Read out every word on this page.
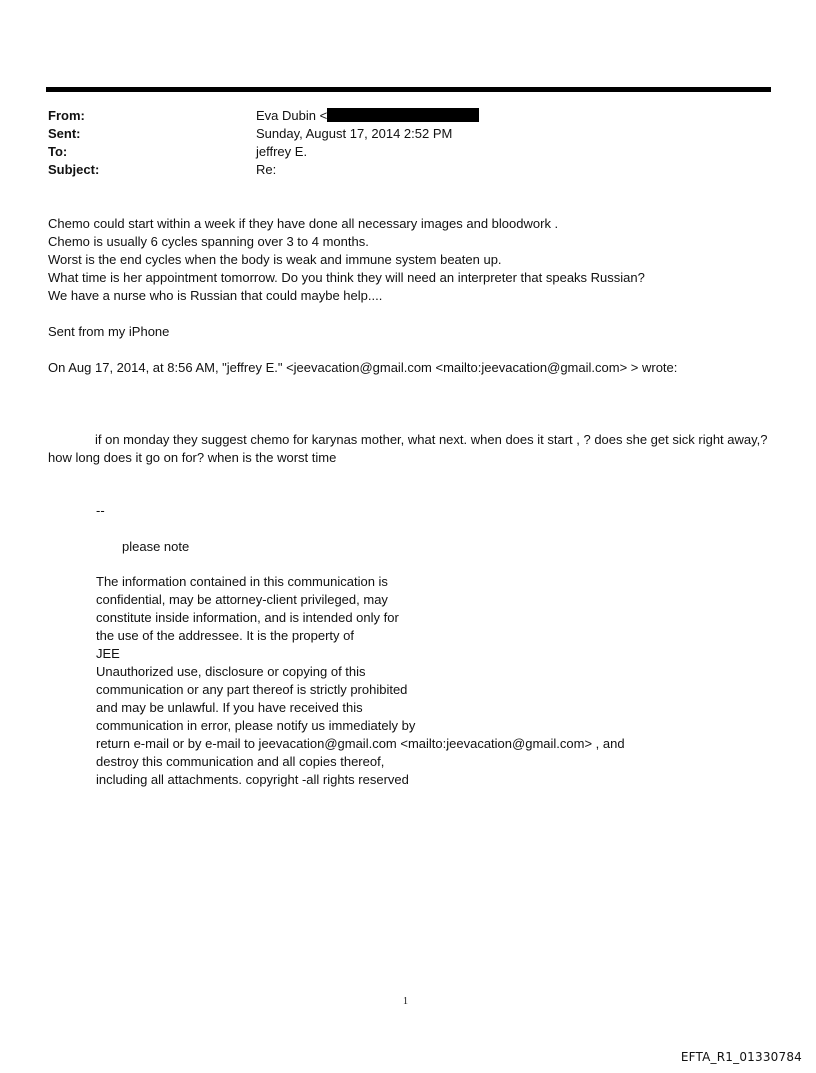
From:	Eva Dubin <
Sent:	Sunday, August 17, 2014 2:52 PM
To:	jeffrey E.
Subject:	Re:
Chemo could start within a week if they have done all necessary images and bloodwork .
Chemo is usually 6 cycles spanning over 3 to 4 months.
Worst is the end cycles when the body is weak and immune system beaten up.
What time is her appointment tomorrow. Do you think they will need an interpreter that speaks Russian?
We have a nurse who is Russian that could maybe help....
Sent from my iPhone
On Aug 17, 2014, at 8:56 AM, "jeffrey E." <jeevacation@gmail.com <mailto:jeevacation@gmail.com> > wrote:
if on monday they suggest chemo for karynas mother, what next. when does it start , ? does she get sick right away,? how long does it go on for? when is the worst time
--
please note
The information contained in this communication is
confidential, may be attorney-client privileged, may
constitute inside information, and is intended only for
the use of the addressee. It is the property of
JEE
Unauthorized use, disclosure or copying of this
communication or any part thereof is strictly prohibited
and may be unlawful. If you have received this
communication in error, please notify us immediately by
return e-mail or by e-mail to jeevacation@gmail.com <mailto:jeevacation@gmail.com> , and
destroy this communication and all copies thereof,
including all attachments. copyright -all rights reserved
1
EFTA_R1_01330784
